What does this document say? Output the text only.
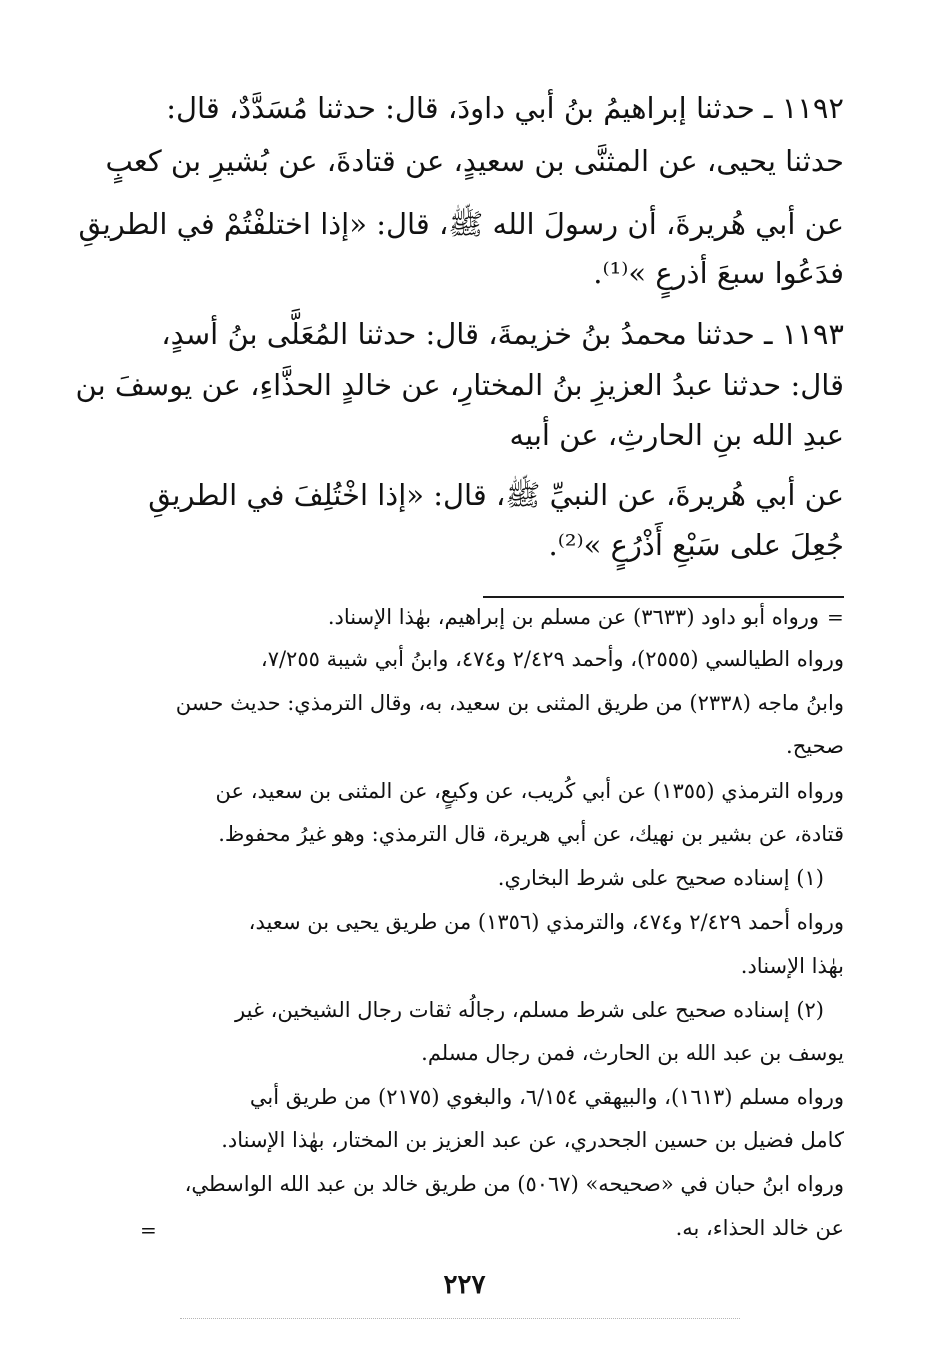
١١٩٢ ـ حدثنا إبراهيمُ بنُ أبي داودَ، قال: حدثنا مُسَدَّدٌ، قال:
حدثنا يحيى، عن المثنَّى بن سعيدٍ، عن قتادةَ، عن بُشيرِ بن كعبٍ
عن أبي هُريرةَ، أن رسولَ الله ﷺ، قال: «إذا اختلفْتُمْ في الطريقِ
فدَعُوا سبعَ أذرعٍ »⁽¹⁾.
١١٩٣ ـ حدثنا محمدُ بنُ خزيمةَ، قال: حدثنا المُعَلَّى بنُ أسدٍ،
قال: حدثنا عبدُ العزيزِ بنُ المختارِ، عن خالدٍ الحذَّاءِ، عن يوسفَ بن
عبدِ الله بنِ الحارثِ، عن أبيه
عن أبي هُريرةَ، عن النبيِّ ﷺ، قال: «إذا اخْتُلِفَ في الطريقِ
جُعِلَ على سَبْعِ أَذْرُعٍ »⁽²⁾.
=
=
ورواه أبو داود (٣٦٣٣) عن مسلم بن إبراهيم، بهٰذا الإسناد.
ورواه الطيالسي (٢٥٥٥)، وأحمد ٢/٤٢٩ و٤٧٤، وابنُ أبي شيبة ٧/٢٥٥،
وابنُ ماجه (٢٣٣٨) من طريق المثنى بن سعيد، به، وقال الترمذي: حديث حسن
صحيح.
ورواه الترمذي (١٣٥٥) عن أبي كُريب، عن وكيعٍ، عن المثنى بن سعيد، عن
قتادة، عن بشير بن نهيك، عن أبي هريرة، قال الترمذي: وهو غيرُ محفوظ.
(١) إسناده صحيح على شرط البخاري.
ورواه أحمد ٢/٤٢٩ و٤٧٤، والترمذي (١٣٥٦) من طريق يحيى بن سعيد،
بهٰذا الإسناد.
(٢) إسناده صحيح على شرط مسلم، رجالُه ثقات رجال الشيخين، غير
يوسف بن عبد الله بن الحارث، فمن رجال مسلم.
ورواه مسلم (١٦١٣)، والبيهقي ٦/١٥٤، والبغوي (٢١٧٥) من طريق أبي
كامل فضيل بن حسين الجحدري، عن عبد العزيز بن المختار، بهٰذا الإسناد.
ورواه ابنُ حبان في «صحيحه» (٥٠٦٧) من طريق خالد بن عبد الله الواسطي،
عن خالد الحذاء، به.
٢٢٧
